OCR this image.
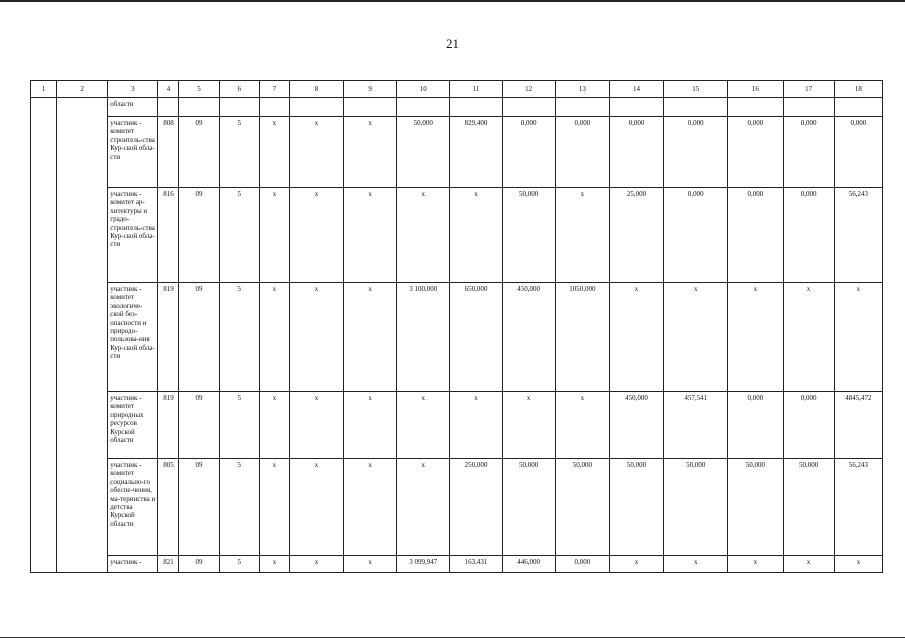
21
1	2	3	4	5	6	7	8	9	10	11	12	13	14	15	16	17	18
		области															
		участник - комитет строитель-ства Кур-ской обла-сти	808	09	5	х	х	х	50,000	829,400	0,000	0,000	0,000	0,000	0,000	0,000	0,000
		участник - комитет ар-хитектуры и градо-строитель-ства Кур-ской обла-сти	816	09	5	х	х	х	х	х	50,000	х	25,000	0,000	0,000	0,000	56,243
		участник - комитет экологиче-ской без-опасности и природо-пользова-ния Кур-ской обла-сти	819	09	5	х	х	х	3 100,000	650,000	450,000	1050,000	х	х	х	х	х
		участник - комитет природных ресурсов Курской области	819	09	5	х	х	х	х	х	х	х	450,000	457,541	0,000	0,000	4845,472
		участник - комитет социально-го обеспе-чения, ма-теринства и детства Курской области	805	09	5	х	х	х	х	250,000	50,000	50,000	50,000	50,000	50,000	50,000	56,243
		участник -	821	09	5	х	х	х	3 099,947	163,431	446,000	0,000	х	х	х	х	х
